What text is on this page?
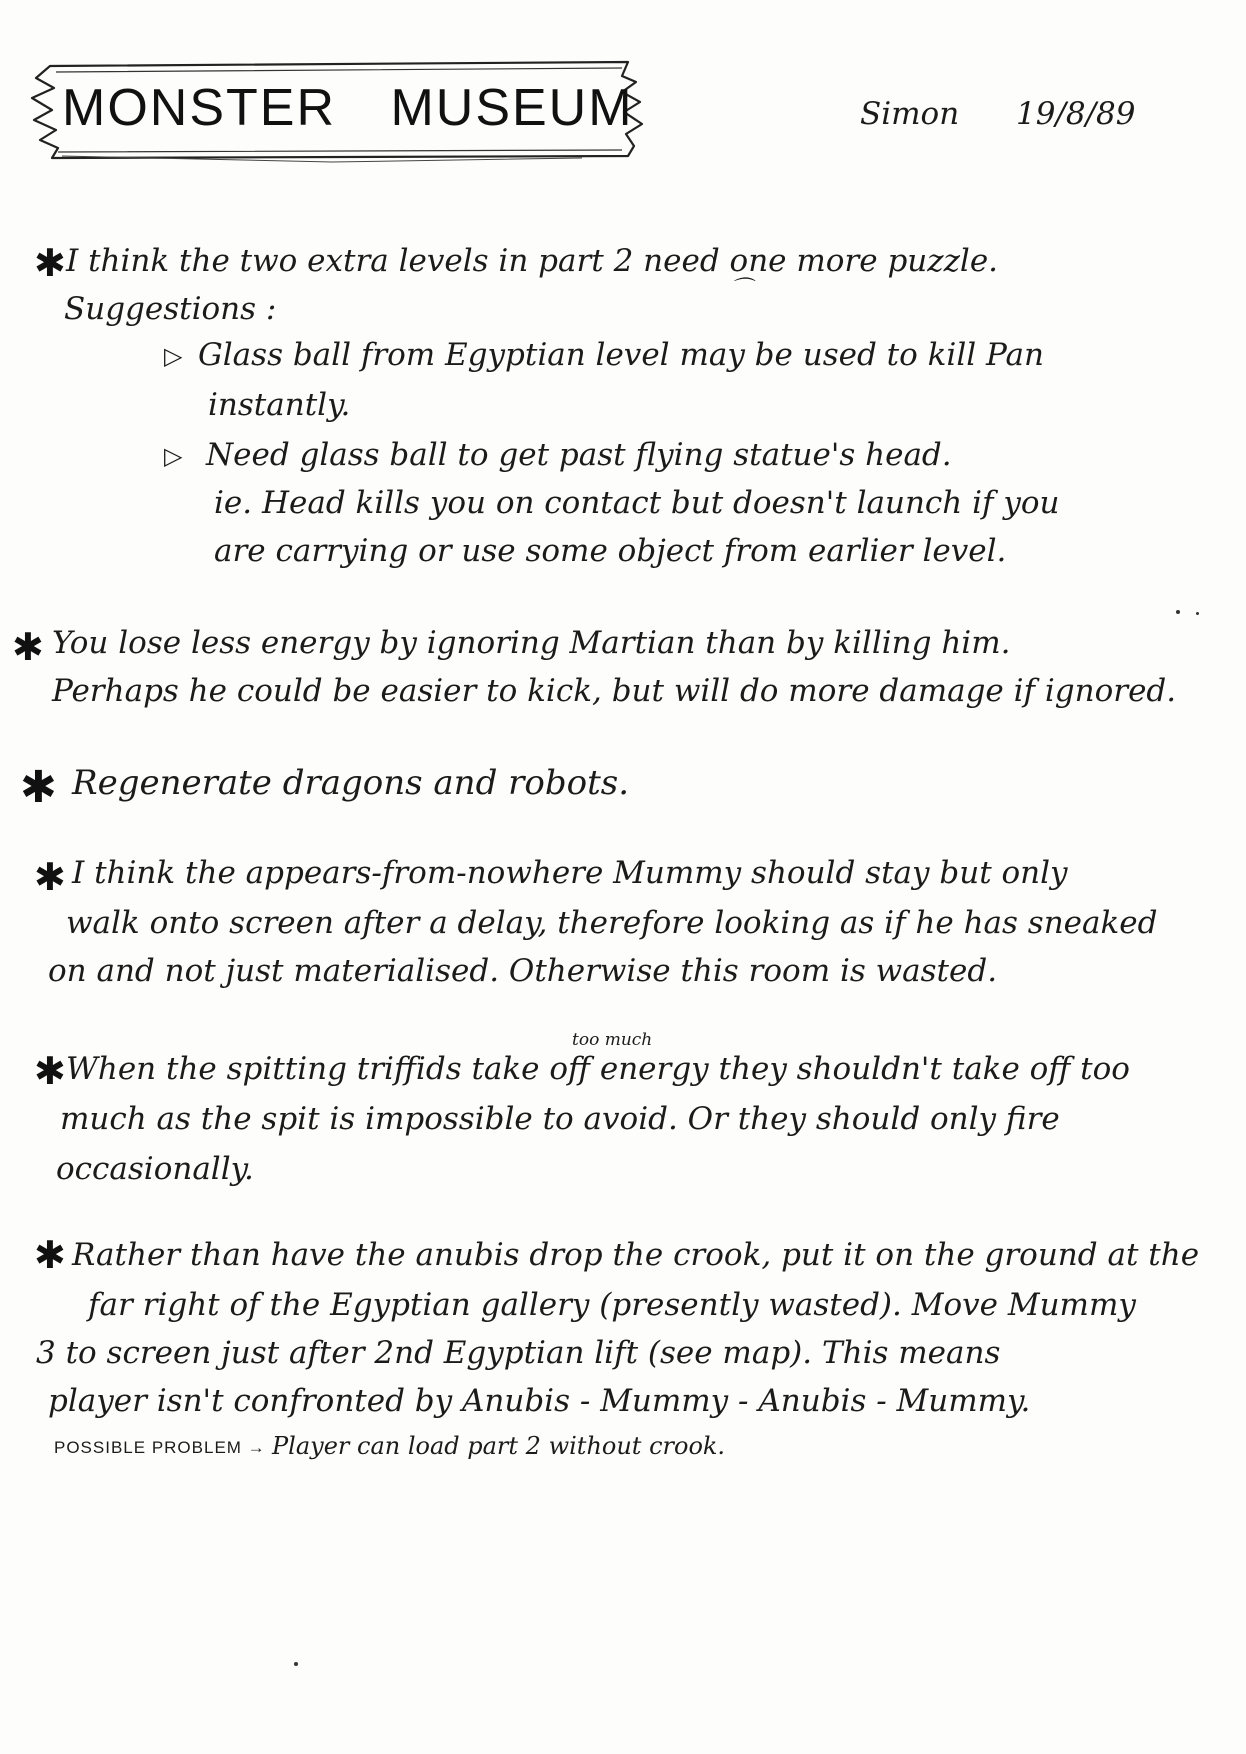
MONSTER MUSEUM	Simon 19/8/89
✱ I think the two extra levels in part 2 need one more puzzle.
⌒
Suggestions :
▷ Glass ball from Egyptian level may be used to kill Pan
instantly.
▷ Need glass ball to get past flying statue's head.
ie. Head kills you on contact but doesn't launch if you
are carrying or use some object from earlier level.
✱ You lose less energy by ignoring Martian than by killing him.
Perhaps he could be easier to kick, but will do more damage if ignored.
✱ Regenerate dragons and robots.
✱ I think the appears-from-nowhere Mummy should stay but only
walk onto screen after a delay, therefore looking as if he has sneaked
on and not just materialised. Otherwise this room is wasted.
too much
✱ When the spitting triffids take off energy they shouldn't take off too
much as the spit is impossible to avoid. Or they should only fire
occasionally.
✱ Rather than have the anubis drop the crook, put it on the ground at the
far right of the Egyptian gallery (presently wasted). Move Mummy
3 to screen just after 2nd Egyptian lift (see map). This means
player isn't confronted by Anubis - Mummy - Anubis - Mummy.
POSSIBLE PROBLEM → Player can load part 2 without crook.
